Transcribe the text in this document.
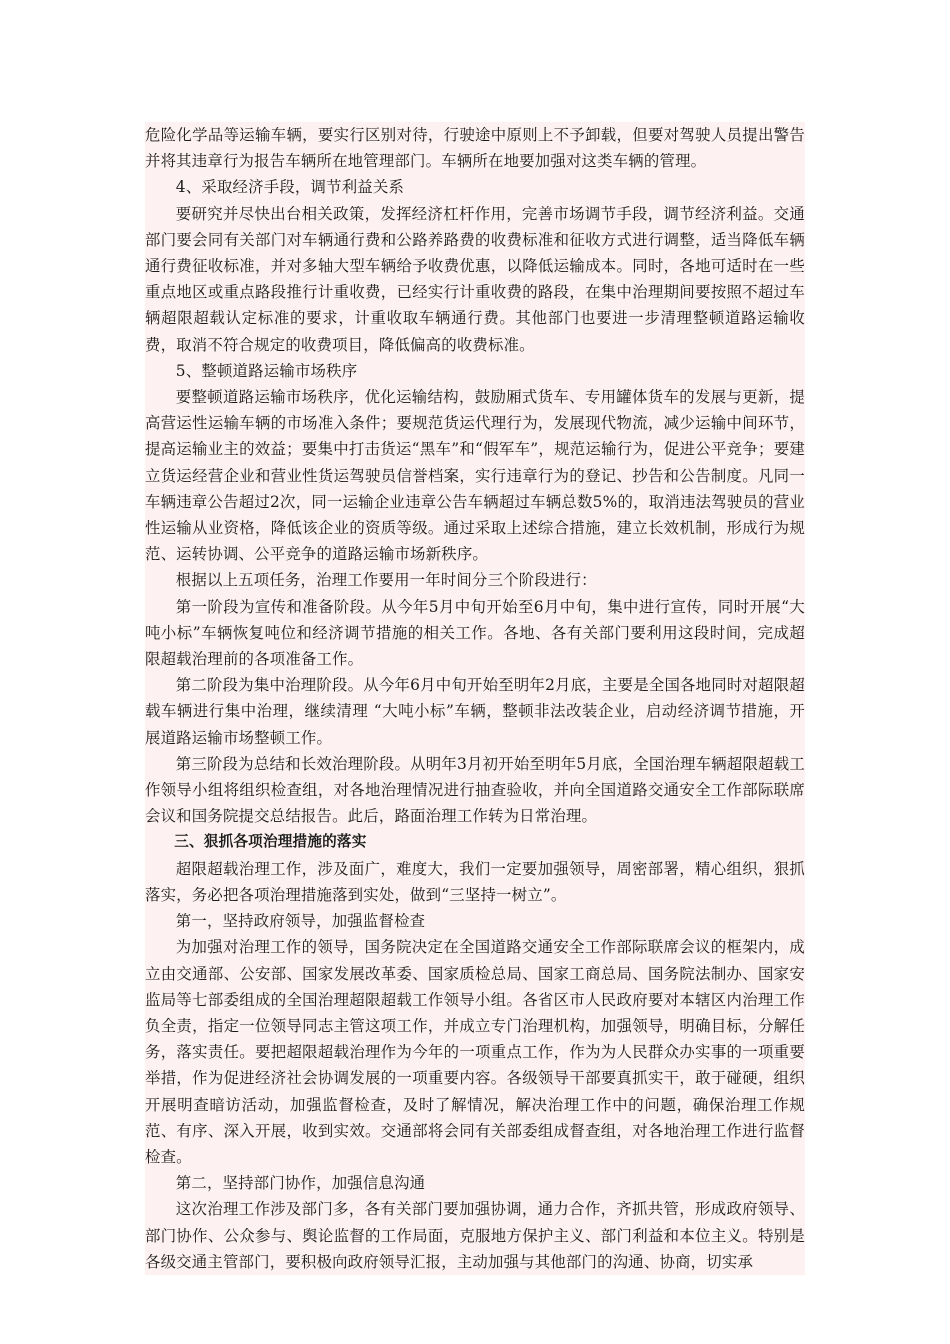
危险化学品等运输车辆，要实行区别对待，行驶途中原则上不予卸载，但要对驾驶人员提出警告并将其违章行为报告车辆所在地管理部门。车辆所在地要加强对这类车辆的管理。

4、采取经济手段，调节利益关系

要研究并尽快出台相关政策，发挥经济杠杆作用，完善市场调节手段，调节经济利益。交通部门要会同有关部门对车辆通行费和公路养路费的收费标准和征收方式进行调整，适当降低车辆通行费征收标准，并对多轴大型车辆给予收费优惠，以降低运输成本。同时，各地可适时在一些重点地区或重点路段推行计重收费，已经实行计重收费的路段，在集中治理期间要按照不超过车辆超限超载认定标准的要求，计重收取车辆通行费。其他部门也要进一步清理整顿道路运输收费，取消不符合规定的收费项目，降低偏高的收费标准。

5、整顿道路运输市场秩序

要整顿道路运输市场秩序，优化运输结构，鼓励厢式货车、专用罐体货车的发展与更新，提高营运性运输车辆的市场准入条件；要规范货运代理行为，发展现代物流，减少运输中间环节，提高运输业主的效益；要集中打击货运“黑车”和“假军车”，规范运输行为，促进公平竞争；要建立货运经营企业和营业性货运驾驶员信誉档案，实行违章行为的登记、抄告和公告制度。凡同一车辆违章公告超过2次，同一运输企业违章公告车辆超过车辆总数5%的，取消违法驾驶员的营业性运输从业资格，降低该企业的资质等级。通过采取上述综合措施，建立长效机制，形成行为规范、运转协调、公平竞争的道路运输市场新秩序。

根据以上五项任务，治理工作要用一年时间分三个阶段进行：

第一阶段为宣传和准备阶段。从今年5月中旬开始至6月中旬，集中进行宣传，同时开展“大吨小标”车辆恢复吨位和经济调节措施的相关工作。各地、各有关部门要利用这段时间，完成超限超载治理前的各项准备工作。

第二阶段为集中治理阶段。从今年6月中旬开始至明年2月底，主要是全国各地同时对超限超载车辆进行集中治理，继续清理 “大吨小标”车辆，整顿非法改装企业，启动经济调节措施，开展道路运输市场整顿工作。

第三阶段为总结和长效治理阶段。从明年3月初开始至明年5月底，全国治理车辆超限超载工作领导小组将组织检查组，对各地治理情况进行抽查验收，并向全国道路交通安全工作部际联席会议和国务院提交总结报告。此后，路面治理工作转为日常治理。

三、狠抓各项治理措施的落实

超限超载治理工作，涉及面广，难度大，我们一定要加强领导，周密部署，精心组织，狠抓落实，务必把各项治理措施落到实处，做到“三坚持一树立”。

第一，坚持政府领导，加强监督检查

为加强对治理工作的领导，国务院决定在全国道路交通安全工作部际联席会议的框架内，成立由交通部、公安部、国家发展改革委、国家质检总局、国家工商总局、国务院法制办、国家安监局等七部委组成的全国治理超限超载工作领导小组。各省区市人民政府要对本辖区内治理工作负全责，指定一位领导同志主管这项工作，并成立专门治理机构，加强领导，明确目标，分解任务，落实责任。要把超限超载治理作为今年的一项重点工作，作为为人民群众办实事的一项重要举措，作为促进经济社会协调发展的一项重要内容。各级领导干部要真抓实干，敢于碰硬，组织开展明查暗访活动，加强监督检查，及时了解情况，解决治理工作中的问题，确保治理工作规范、有序、深入开展，收到实效。交通部将会同有关部委组成督查组，对各地治理工作进行监督检查。

第二，坚持部门协作，加强信息沟通

这次治理工作涉及部门多，各有关部门要加强协调，通力合作，齐抓共管，形成政府领导、部门协作、公众参与、舆论监督的工作局面，克服地方保护主义、部门利益和本位主义。特别是各级交通主管部门，要积极向政府领导汇报，主动加强与其他部门的沟通、协商，切实承
